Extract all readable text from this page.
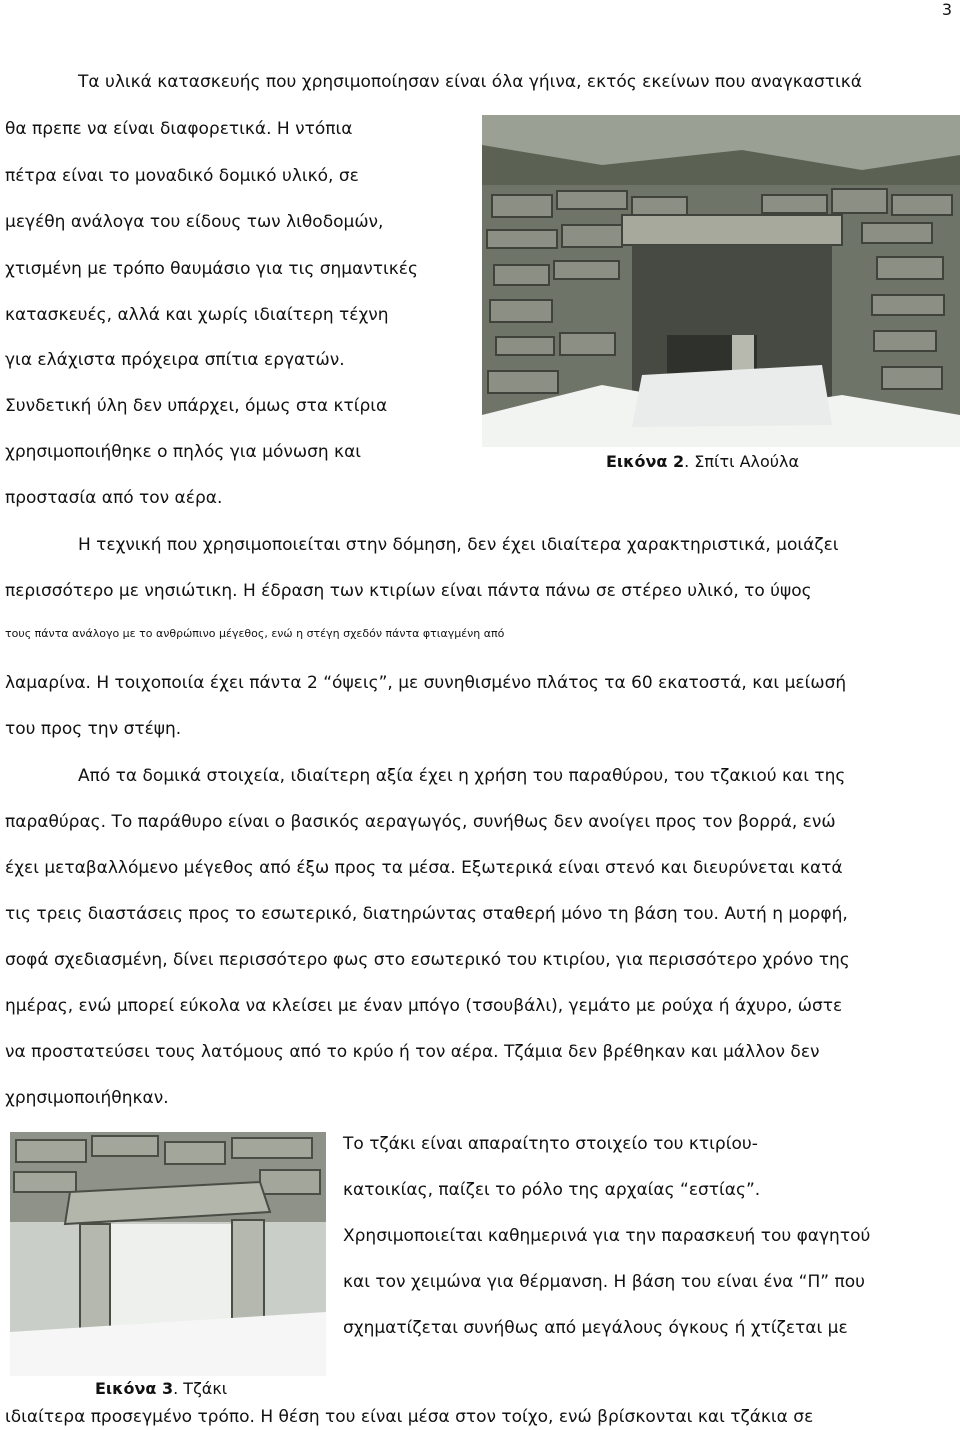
3
Τα υλικά κατασκευής που χρησιμοποίησαν είναι όλα γήινα, εκτός εκείνων που αναγκαστικά
θα πρεπε να είναι διαφορετικά. Η ντόπια
πέτρα είναι το μοναδικό δομικό υλικό, σε
μεγέθη ανάλογα του είδους των λιθοδομών,
χτισμένη με τρόπο θαυμάσιο για τις σημαντικές
κατασκευές, αλλά και χωρίς ιδιαίτερη τέχνη
για ελάχιστα πρόχειρα σπίτια εργατών.
Συνδετική ύλη δεν υπάρχει, όμως στα κτίρια
χρησιμοποιήθηκε ο πηλός για μόνωση και
προστασία από τον αέρα.
Εικόνα 2. Σπίτι Αλούλα
Η τεχνική που χρησιμοποιείται στην δόμηση, δεν έχει ιδιαίτερα χαρακτηριστικά, μοιάζει
περισσότερο με νησιώτικη. Η έδραση των κτιρίων είναι πάντα πάνω σε στέρεο υλικό, το ύψος
τους πάντα ανάλογο με το ανθρώπινο μέγεθος, ενώ η στέγη σχεδόν πάντα φτιαγμένη από
λαμαρίνα. Η τοιχοποιία έχει πάντα 2 “όψεις”, με συνηθισμένο πλάτος τα 60 εκατοστά, και μείωσή
του προς την στέψη.
Από τα δομικά στοιχεία, ιδιαίτερη αξία έχει η χρήση του παραθύρου, του τζακιού και της
παραθύρας. Το παράθυρο είναι ο βασικός αεραγωγός, συνήθως δεν ανοίγει προς τον βορρά, ενώ
έχει μεταβαλλόμενο μέγεθος από έξω προς τα μέσα. Εξωτερικά είναι στενό και διευρύνεται κατά
τις τρεις διαστάσεις προς το εσωτερικό, διατηρώντας σταθερή μόνο τη βάση του. Αυτή η μορφή,
σοφά σχεδιασμένη, δίνει περισσότερο φως στο εσωτερικό του κτιρίου, για περισσότερο χρόνο της
ημέρας, ενώ μπορεί εύκολα να κλείσει με έναν μπόγο (τσουβάλι), γεμάτο με ρούχα ή άχυρο, ώστε
να προστατεύσει τους λατόμους από το κρύο ή τον αέρα. Τζάμια δεν βρέθηκαν και μάλλον δεν
χρησιμοποιήθηκαν.
Εικόνα 3. Τζάκι
Το τζάκι είναι απαραίτητο στοιχείο του κτιρίου-
κατοικίας, παίζει το ρόλο της αρχαίας “εστίας”.
Χρησιμοποιείται καθημερινά για την παρασκευή του φαγητού
και τον χειμώνα για θέρμανση. Η βάση του είναι ένα “Π” που
σχηματίζεται συνήθως από μεγάλους όγκους ή χτίζεται με
ιδιαίτερα προσεγμένο τρόπο. Η θέση του είναι μέσα στον τοίχο, ενώ βρίσκονται και τζάκια σε
